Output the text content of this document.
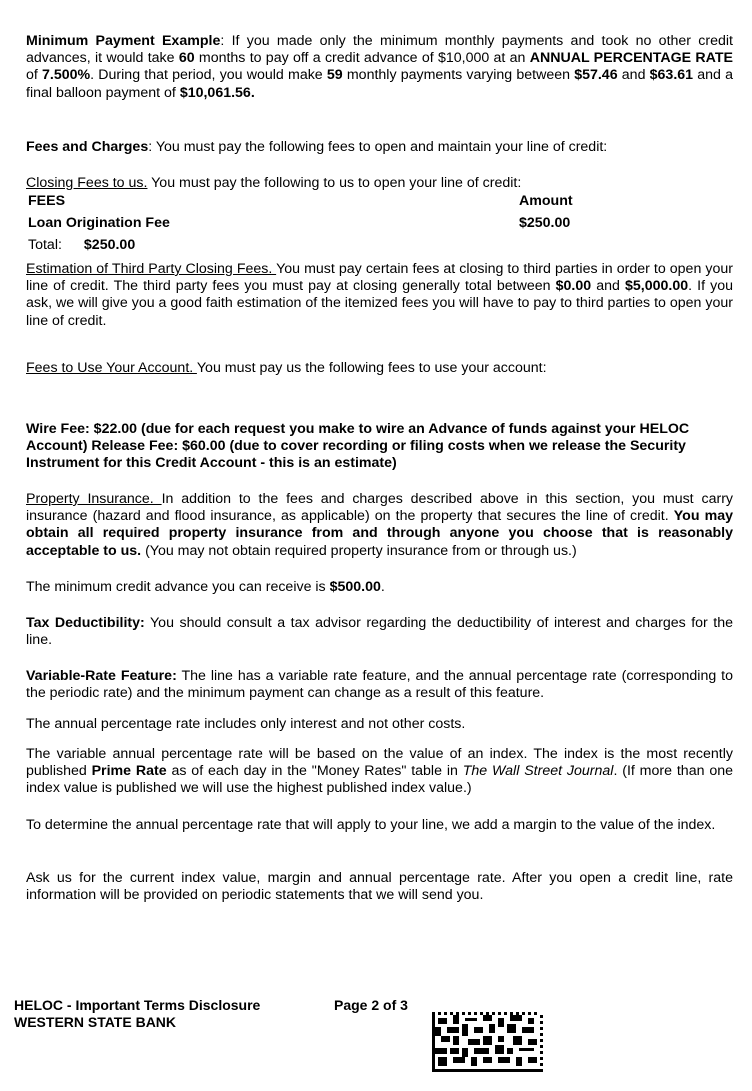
Minimum Payment Example: If you made only the minimum monthly payments and took no other credit advances, it would take 60 months to pay off a credit advance of $10,000 at an ANNUAL PERCENTAGE RATE of 7.500%. During that period, you would make 59 monthly payments varying between $57.46 and $63.61 and a final balloon payment of $10,061.56.

Fees and Charges: You must pay the following fees to open and maintain your line of credit:

Closing Fees to us. You must pay the following to us to open your line of credit:

FEES	Amount
Loan Origination Fee	$250.00
Total: $250.00

Estimation of Third Party Closing Fees. You must pay certain fees at closing to third parties in order to open your line of credit. The third party fees you must pay at closing generally total between $0.00 and $5,000.00. If you ask, we will give you a good faith estimation of the itemized fees you will have to pay to third parties to open your line of credit.

Fees to Use Your Account. You must pay us the following fees to use your account:

Wire Fee: $22.00 (due for each request you make to wire an Advance of funds against your HELOC Account) Release Fee: $60.00 (due to cover recording or filing costs when we release the Security Instrument for this Credit Account - this is an estimate)

Property Insurance. In addition to the fees and charges described above in this section, you must carry insurance (hazard and flood insurance, as applicable) on the property that secures the line of credit. You may obtain all required property insurance from and through anyone you choose that is reasonably acceptable to us. (You may not obtain required property insurance from or through us.)

The minimum credit advance you can receive is $500.00.

Tax Deductibility: You should consult a tax advisor regarding the deductibility of interest and charges for the line.

Variable-Rate Feature: The line has a variable rate feature, and the annual percentage rate (corresponding to the periodic rate) and the minimum payment can change as a result of this feature.

The annual percentage rate includes only interest and not other costs.

The variable annual percentage rate will be based on the value of an index. The index is the most recently published Prime Rate as of each day in the "Money Rates" table in The Wall Street Journal. (If more than one index value is published we will use the highest published index value.)

To determine the annual percentage rate that will apply to your line, we add a margin to the value of the index.

Ask us for the current index value, margin and annual percentage rate. After you open a credit line, rate information will be provided on periodic statements that we will send you.

HELOC - Important Terms Disclosure
WESTERN STATE BANK
Page 2 of 3
